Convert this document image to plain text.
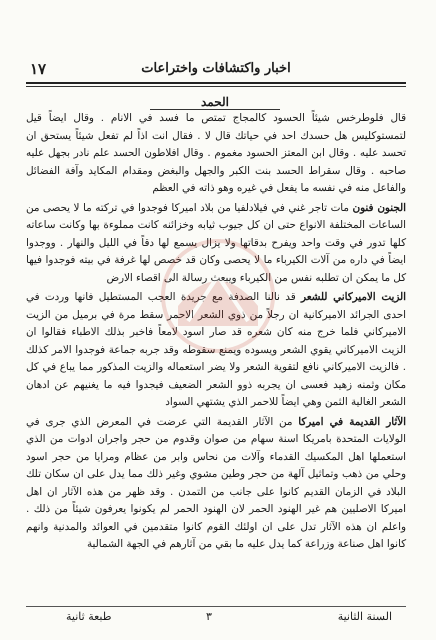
اخبار واكتشافات واختراعات
١٧
الحمد

قال فلوطرخس شيئاً الحسود كالمجاج تمتص ما فسد في الانام . وقال ايضاً قيل لتمستوكليس هل حسدك احد في حياتك قال لا . فقال انت اذاً لم تفعل شيئاً يستحق ان تحسد عليه . وقال ابن المعتز الحسود مغموم . وقال افلاطون الحسد علم نادر بجهل عليه صاحبه . وقال سقراط الحسد بنت الكبر والجهل والبغض ومقدام المكايد وآفة الفضائل والفاعل منه في نفسه ما يفعل في غيره وهو ذاته في العظم

الجنون فنون مات تاجر غني في فيلادلفيا من بلاد اميركا فوجدوا في تركته ما لا يحصى من الساعات المختلفة الانواع حتى ان كل جيوب ثيابه وخزائنه كانت مملوءة بها وكانت ساعاته كلها تدور في وقت واحد ويفرح بدقاتها ولا يزال يسمع لها دقاً في الليل والنهار . ووجدوا ايضاً في داره من آلات الكيرباء ما لا يحصى وكان قد خصص لها غرفة في بيته فوجدوا فيها كل ما يمكن ان تطلبه نفس من الكيرباء ويبعث رسالة الى اقصاء الارض

الزيت الاميركاني للشعر قد نالنا الصدفة مع جريدة العجب المستطيل فانها وردت في احدى الجرائد الاميركانية ان رجلاً من ذوي الشعر الاحمر سقط مرة في برميل من الزيت الاميركاني فلما خرج منه كان شعره قد صار اسود لامعاً فاخبر بذلك الاطباء فقالوا ان الزيت الاميركاني يقوي الشعر ويسوده ويمنع سقوطه وقد جربه جماعة فوجدوا الامر كذلك . فالزيت الاميركاني نافع لتقوية الشعر ولا يضر استعماله والزيت المذكور مما يباع في كل مكان وثمنه زهيد فعسى ان يجربه ذوو الشعر الضعيف فيجدوا فيه ما يغنيهم عن ادهان الشعر الغالية الثمن وهي ايضاً للاحمر الذي يشتهي السواد

الآثار القديمة في اميركا من الآثار القديمة التي عرضت في المعرض الذي جرى في الولايات المتحدة بامريكا اسنة سهام من صوان وقدوم من حجر واجران ادوات من الذي استعملها اهل المكسيك القدماء وآلات من نحاس وابر من عظام ومرايا من حجر اسود وحلي من ذهب وتماثيل آلهة من حجر وطين مشوي وغير ذلك مما يدل على ان سكان تلك البلاد في الزمان القديم كانوا على جانب من التمدن . وقد ظهر من هذه الآثار ان اهل اميركا الاصليين هم غير الهنود الحمر لان الهنود الحمر لم يكونوا يعرفون شيئاً من ذلك . واعلم ان هذه الآثار تدل على ان اولئك القوم كانوا متقدمين في العوائد والمدنية وانهم كانوا اهل صناعة وزراعة كما يدل عليه ما بقي من آثارهم في الجهة الشمالية

السنة الثانية
٣
طبعة ثانية
